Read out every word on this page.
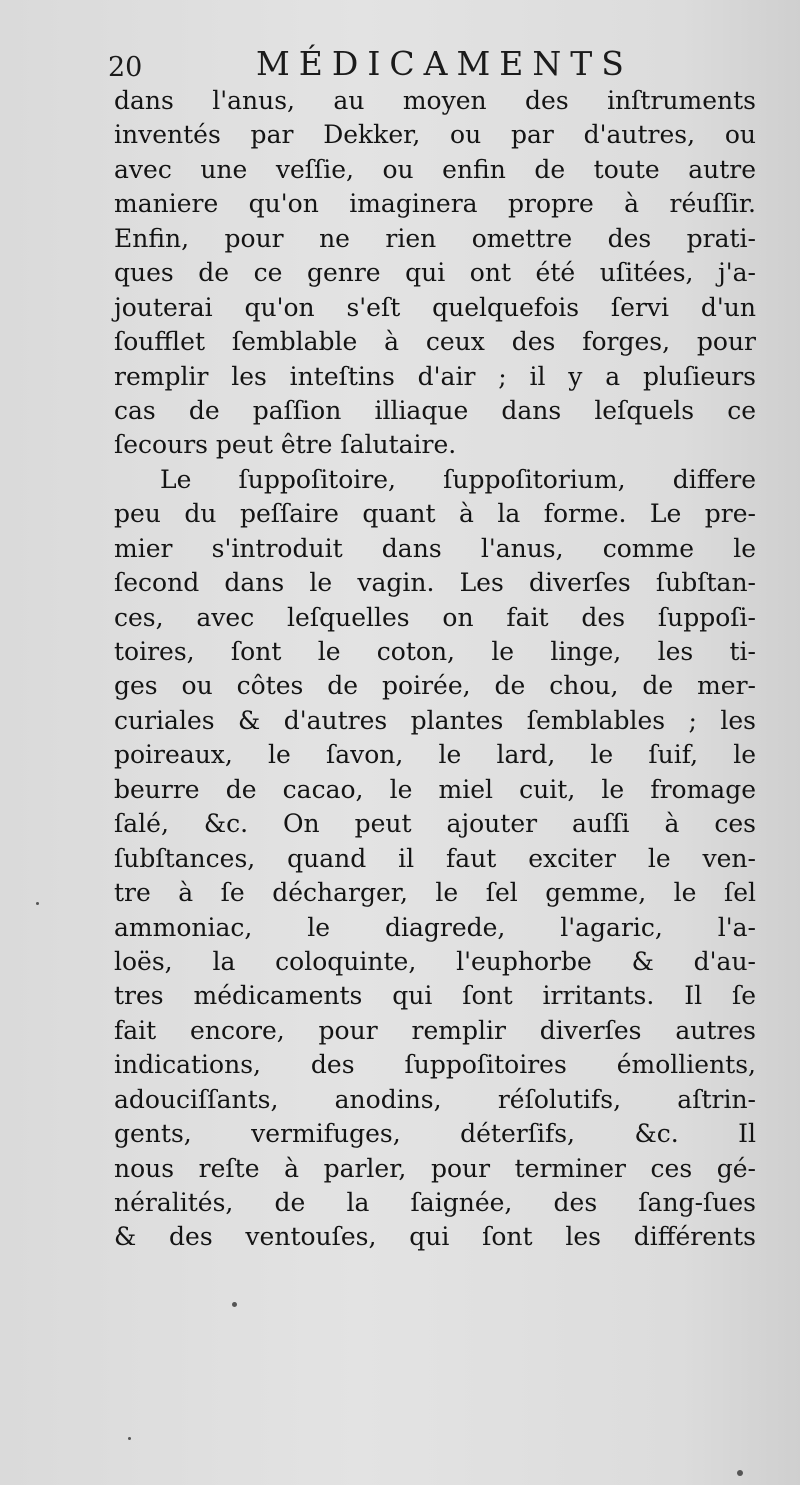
20	MÉDICAMENTS
dans l'anus, au moyen des inſtruments
inventés par Dekker, ou par d'autres, ou
avec une veſſie, ou enfin de toute autre
maniere qu'on imaginera propre à réuſſir.
Enfin, pour ne rien omettre des prati-
ques de ce genre qui ont été uſitées, j'a-
jouterai qu'on s'eſt quelquefois ſervi d'un
ſoufflet ſemblable à ceux des forges, pour
remplir les inteſtins d'air ; il y a pluſieurs
cas de paſſion illiaque dans leſquels ce
ſecours peut être ſalutaire.
Le ſuppoſitoire, ſuppoſitorium, differe
peu du peſſaire quant à la forme. Le pre-
mier s'introduit dans l'anus, comme le
ſecond dans le vagin. Les diverſes ſubſtan-
ces, avec leſquelles on fait des ſuppoſi-
toires, ſont le coton, le linge, les ti-
ges ou côtes de poirée, de chou, de mer-
curiales & d'autres plantes ſemblables ; les
poireaux, le ſavon, le lard, le ſuif, le
beurre de cacao, le miel cuit, le fromage
ſalé, &c. On peut ajouter auſſi à ces
ſubſtances, quand il faut exciter le ven-
tre à ſe décharger, le ſel gemme, le ſel
ammoniac, le diagrede, l'agaric, l'a-
loës, la coloquinte, l'euphorbe & d'au-
tres médicaments qui ſont irritants. Il ſe
fait encore, pour remplir diverſes autres
indications, des ſuppoſitoires émollients,
adouciſſants, anodins, réſolutifs, aſtrin-
gents, vermifuges, déterſifs, &c. Il
nous reſte à parler, pour terminer ces gé-
néralités, de la ſaignée, des ſang-ſues
& des ventouſes, qui ſont les différents
